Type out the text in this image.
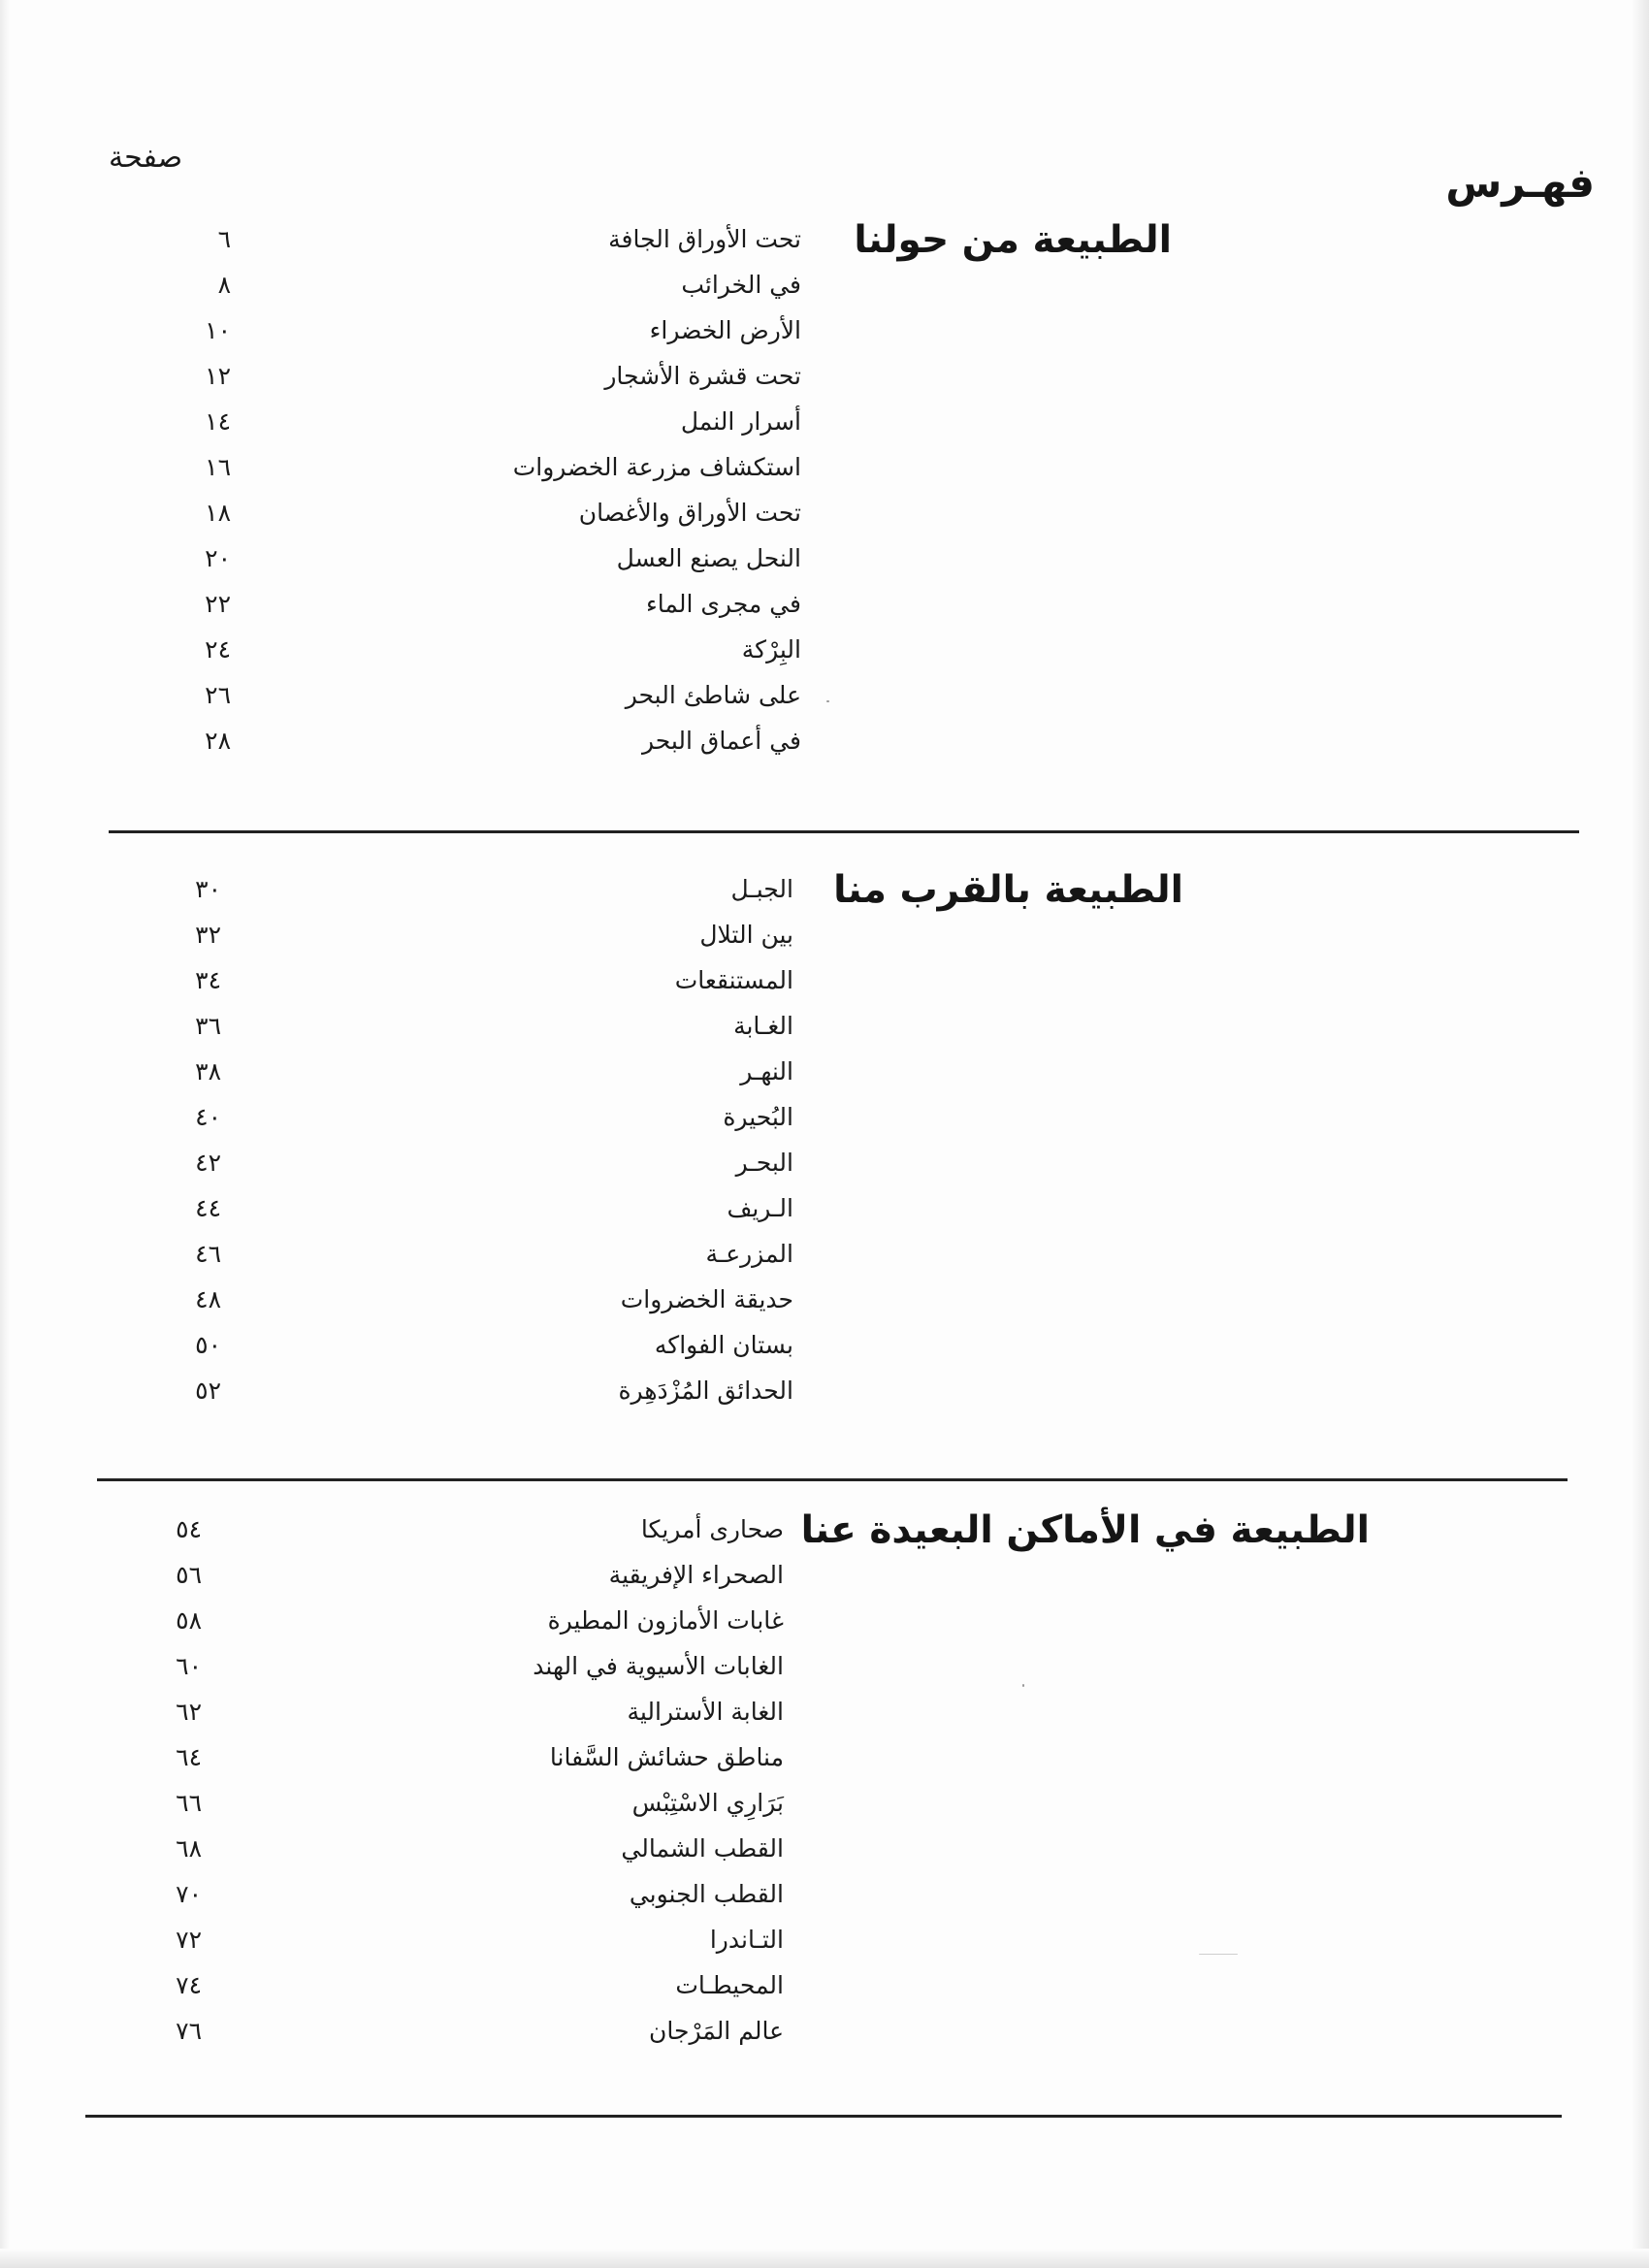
فهـرس
صفحة
الطبيعة من حولنا
تحت الأوراق الجافة
٦
في الخرائب
٨
الأرض الخضراء
١٠
تحت قشرة الأشجار
١٢
أسرار النمل
١٤
استكشاف مزرعة الخضروات
١٦
تحت الأوراق والأغصان
١٨
النحل يصنع العسل
٢٠
في مجرى الماء
٢٢
البِرْكة
٢٤
على شاطئ البحر
٢٦
في أعماق البحر
٢٨
الطبيعة بالقرب منا
الجبـل
٣٠
بين التلال
٣٢
المستنقعات
٣٤
الغـابة
٣٦
النهـر
٣٨
البُحيرة
٤٠
البحـر
٤٢
الـريف
٤٤
المزرعـة
٤٦
حديقة الخضروات
٤٨
بستان الفواكه
٥٠
الحدائق المُزْدَهِرة
٥٢
الطبيعة في الأماكن البعيدة عنا
صحارى أمريكا
٥٤
الصحراء الإفريقية
٥٦
غابات الأمازون المطيرة
٥٨
الغابات الأسيوية في الهند
٦٠
الغابة الأسترالية
٦٢
مناطق حشائش السَّفانا
٦٤
بَرَارِي الاسْتِبْس
٦٦
القطب الشمالي
٦٨
القطب الجنوبي
٧٠
التـاندرا
٧٢
المحيطـات
٧٤
عالم المَرْجان
٧٦
